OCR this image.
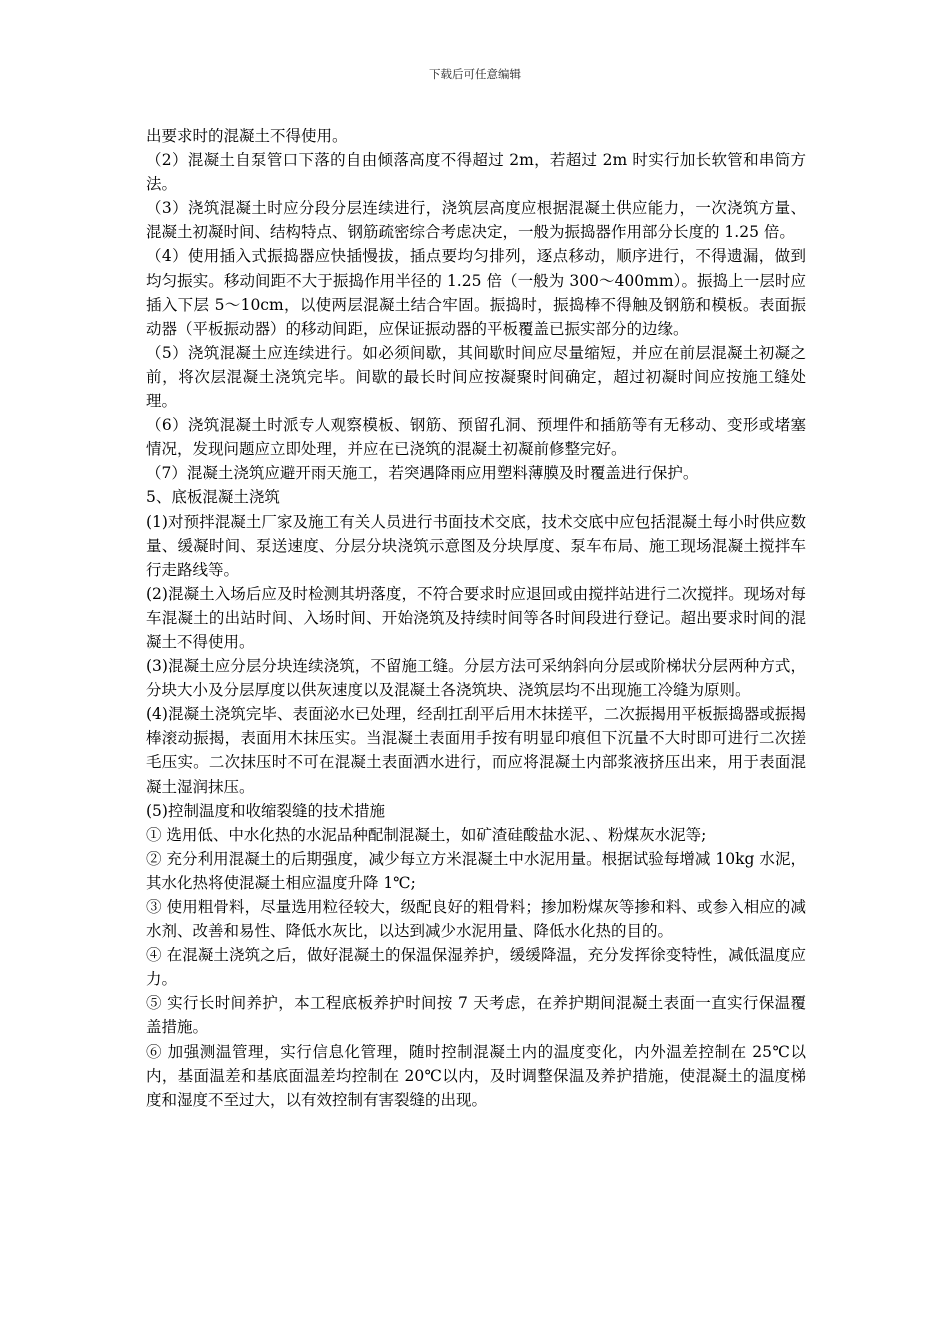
下载后可任意编辑

出要求时的混凝土不得使用。

（2）混凝土自泵管口下落的自由倾落高度不得超过 2m，若超过 2m 时实行加长软管和串筒方法。

（3）浇筑混凝土时应分段分层连续进行，浇筑层高度应根据混凝土供应能力，一次浇筑方量、混凝土初凝时间、结构特点、钢筋疏密综合考虑决定，一般为振捣器作用部分长度的 1.25 倍。

（4）使用插入式振捣器应快插慢拔，插点要均匀排列，逐点移动，顺序进行，不得遗漏，做到均匀振实。移动间距不大于振捣作用半径的 1.25 倍（一般为 300～400mm）。振捣上一层时应插入下层 5～10cm，以使两层混凝土结合牢固。振捣时，振捣棒不得触及钢筋和模板。表面振动器（平板振动器）的移动间距，应保证振动器的平板覆盖已振实部分的边缘。

（5）浇筑混凝土应连续进行。如必须间歇，其间歇时间应尽量缩短，并应在前层混凝土初凝之前，将次层混凝土浇筑完毕。间歇的最长时间应按凝聚时间确定，超过初凝时间应按施工缝处理。

（6）浇筑混凝土时派专人观察模板、钢筋、预留孔洞、预埋件和插筋等有无移动、变形或堵塞情况，发现问题应立即处理，并应在已浇筑的混凝土初凝前修整完好。

（7）混凝土浇筑应避开雨天施工，若突遇降雨应用塑料薄膜及时覆盖进行保护。

5、底板混凝土浇筑

(1)对预拌混凝土厂家及施工有关人员进行书面技术交底，技术交底中应包括混凝土每小时供应数量、缓凝时间、泵送速度、分层分块浇筑示意图及分块厚度、泵车布局、施工现场混凝土搅拌车行走路线等。

(2)混凝土入场后应及时检测其坍落度，不符合要求时应退回或由搅拌站进行二次搅拌。现场对每车混凝土的出站时间、入场时间、开始浇筑及持续时间等各时间段进行登记。超出要求时间的混凝土不得使用。

(3)混凝土应分层分块连续浇筑，不留施工缝。分层方法可采纳斜向分层或阶梯状分层两种方式，分块大小及分层厚度以供灰速度以及混凝土各浇筑块、浇筑层均不出现施工冷缝为原则。

(4)混凝土浇筑完毕、表面泌水已处理，经刮扛刮平后用木抹搓平，二次振揭用平板振捣器或振揭棒滚动振揭，表面用木抹压实。当混凝土表面用手按有明显印痕但下沉量不大时即可进行二次搓毛压实。二次抹压时不可在混凝土表面洒水进行，而应将混凝土内部浆液挤压出来，用于表面混凝土湿润抹压。

(5)控制温度和收缩裂缝的技术措施

① 选用低、中水化热的水泥品种配制混凝土，如矿渣硅酸盐水泥、、粉煤灰水泥等;

② 充分利用混凝土的后期强度，减少每立方米混凝土中水泥用量。根据试验每增减 10kg 水泥，其水化热将使混凝土相应温度升降 1℃;

③ 使用粗骨料，尽量选用粒径较大，级配良好的粗骨料；掺加粉煤灰等掺和料、或参入相应的减水剂、改善和易性、降低水灰比，以达到减少水泥用量、降低水化热的目的。

④ 在混凝土浇筑之后，做好混凝土的保温保湿养护，缓缓降温，充分发挥徐变特性，减低温度应力。

⑤ 实行长时间养护，本工程底板养护时间按 7 天考虑，在养护期间混凝土表面一直实行保温覆盖措施。

⑥ 加强测温管理，实行信息化管理，随时控制混凝土内的温度变化，内外温差控制在 25℃以内，基面温差和基底面温差均控制在 20℃以内，及时调整保温及养护措施，使混凝土的温度梯度和湿度不至过大，以有效控制有害裂缝的出现。
